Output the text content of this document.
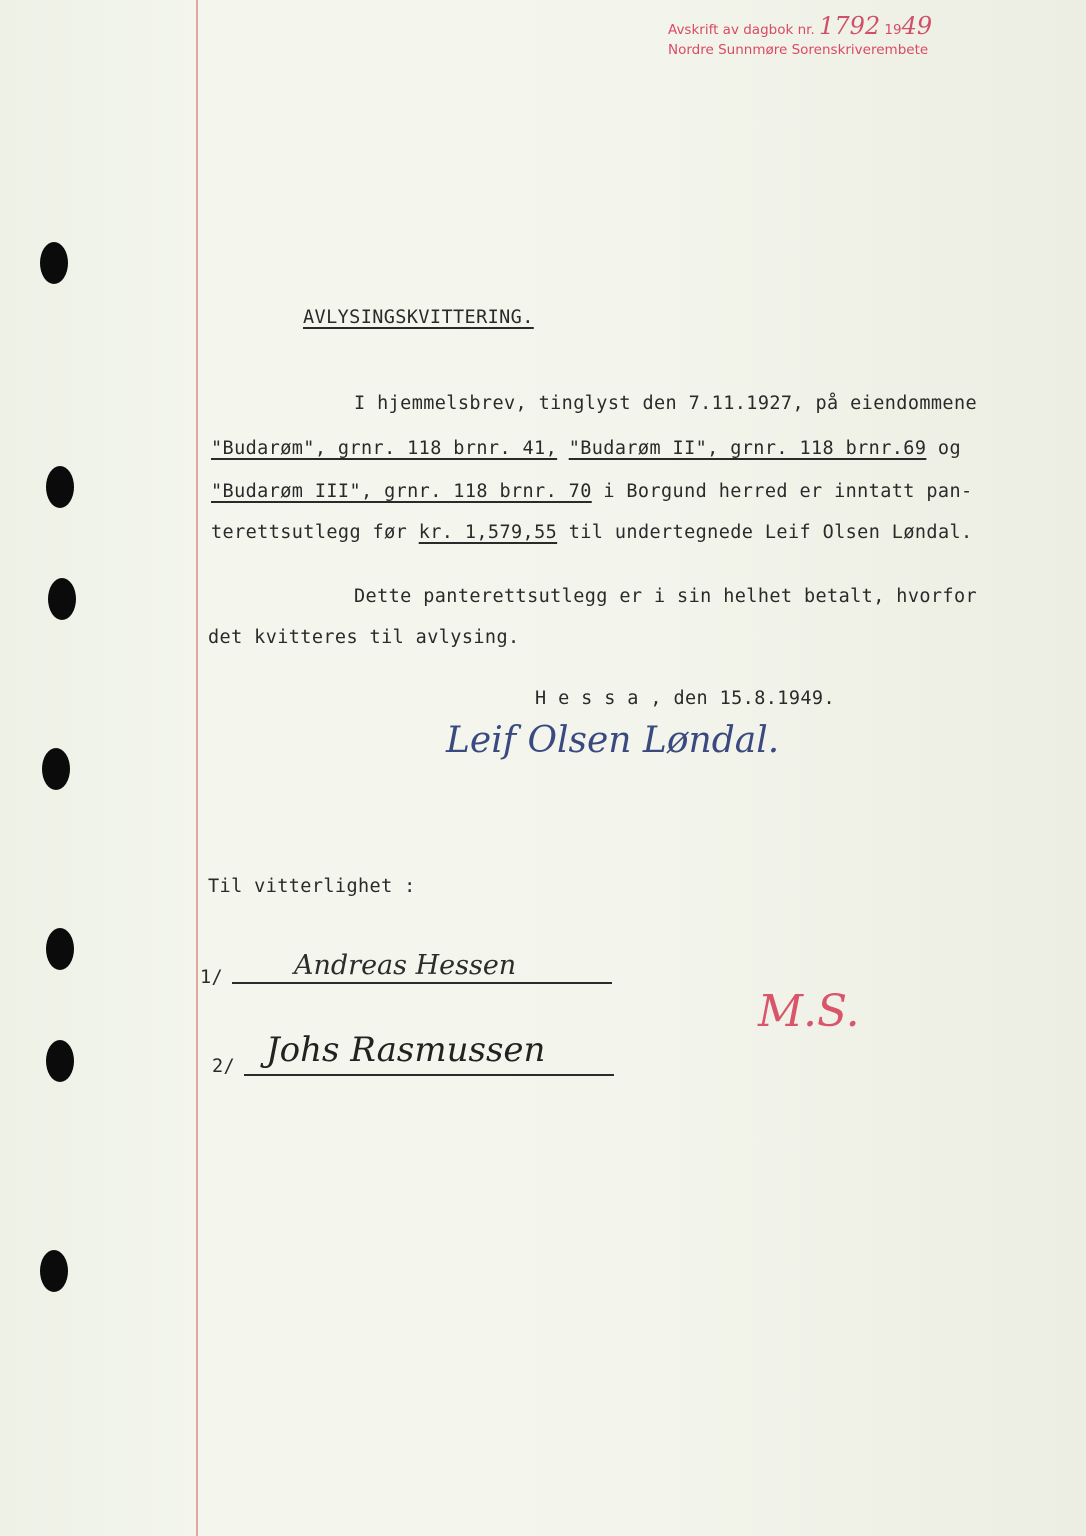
Avskrift av dagbok nr. 1792 1949
Nordre Sunnmøre Sorenskriverembete
AVLYSINGSKVITTERING.
I hjemmelsbrev, tinglyst den 7.11.1927, på eiendommene
"Budarøm", grnr. 118 brnr. 41, "Budarøm II", grnr. 118 brnr.69 og
"Budarøm III", grnr. 118 brnr. 70 i Borgund herred er inntatt pan-
terettsutlegg før kr. 1,579,55 til undertegnede Leif Olsen Løndal.
Dette panterettsutlegg er i sin helhet betalt, hvorfor
det kvitteres til avlysing.
H e s s a , den 15.8.1949.
Leif Olsen Løndal.
Til vitterlighet :
1/	Andreas Hessen
2/ Johs Rasmussen
M.S.
